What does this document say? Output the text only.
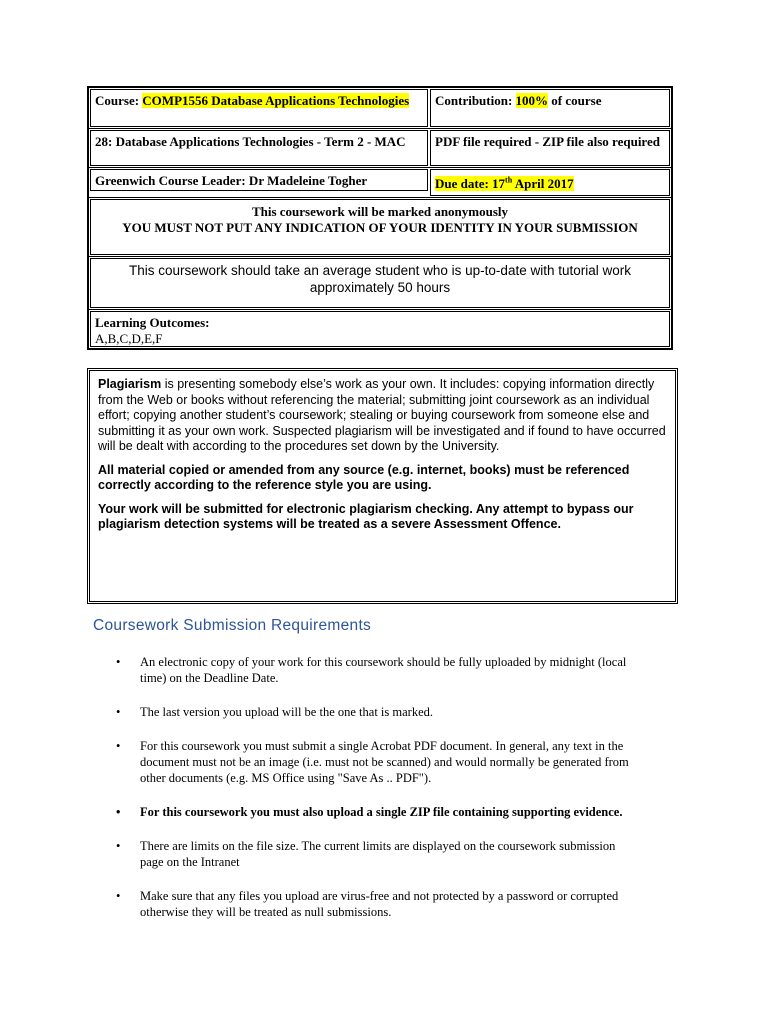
Course: COMP1556 Database Applications Technologies	Contribution: 100% of course
28: Database Applications Technologies - Term 2 - MAC	PDF file required - ZIP file also required
Greenwich Course Leader: Dr Madeleine Togher	Due date: 17th April 2017
This coursework will be marked anonymously
YOU MUST NOT PUT ANY INDICATION OF YOUR IDENTITY IN YOUR SUBMISSION
This coursework should take an average student who is up-to-date with tutorial work approximately 50 hours
Learning Outcomes:
A,B,C,D,E,F

Plagiarism is presenting somebody else’s work as your own. It includes: copying information directly from the Web or books without referencing the material; submitting joint coursework as an individual effort; copying another student’s coursework; stealing or buying coursework from someone else and submitting it as your own work. Suspected plagiarism will be investigated and if found to have occurred will be dealt with according to the procedures set down by the University.

All material copied or amended from any source (e.g. internet, books) must be referenced correctly according to the reference style you are using.

Your work will be submitted for electronic plagiarism checking. Any attempt to bypass our plagiarism detection systems will be treated as a severe Assessment Offence.

Coursework Submission Requirements
• An electronic copy of your work for this coursework should be fully uploaded by midnight (local time) on the Deadline Date.
• The last version you upload will be the one that is marked.
• For this coursework you must submit a single Acrobat PDF document. In general, any text in the document must not be an image (i.e. must not be scanned) and would normally be generated from other documents (e.g. MS Office using "Save As .. PDF").
• For this coursework you must also upload a single ZIP file containing supporting evidence.
• There are limits on the file size. The current limits are displayed on the coursework submission page on the Intranet
• Make sure that any files you upload are virus-free and not protected by a password or corrupted otherwise they will be treated as null submissions.
